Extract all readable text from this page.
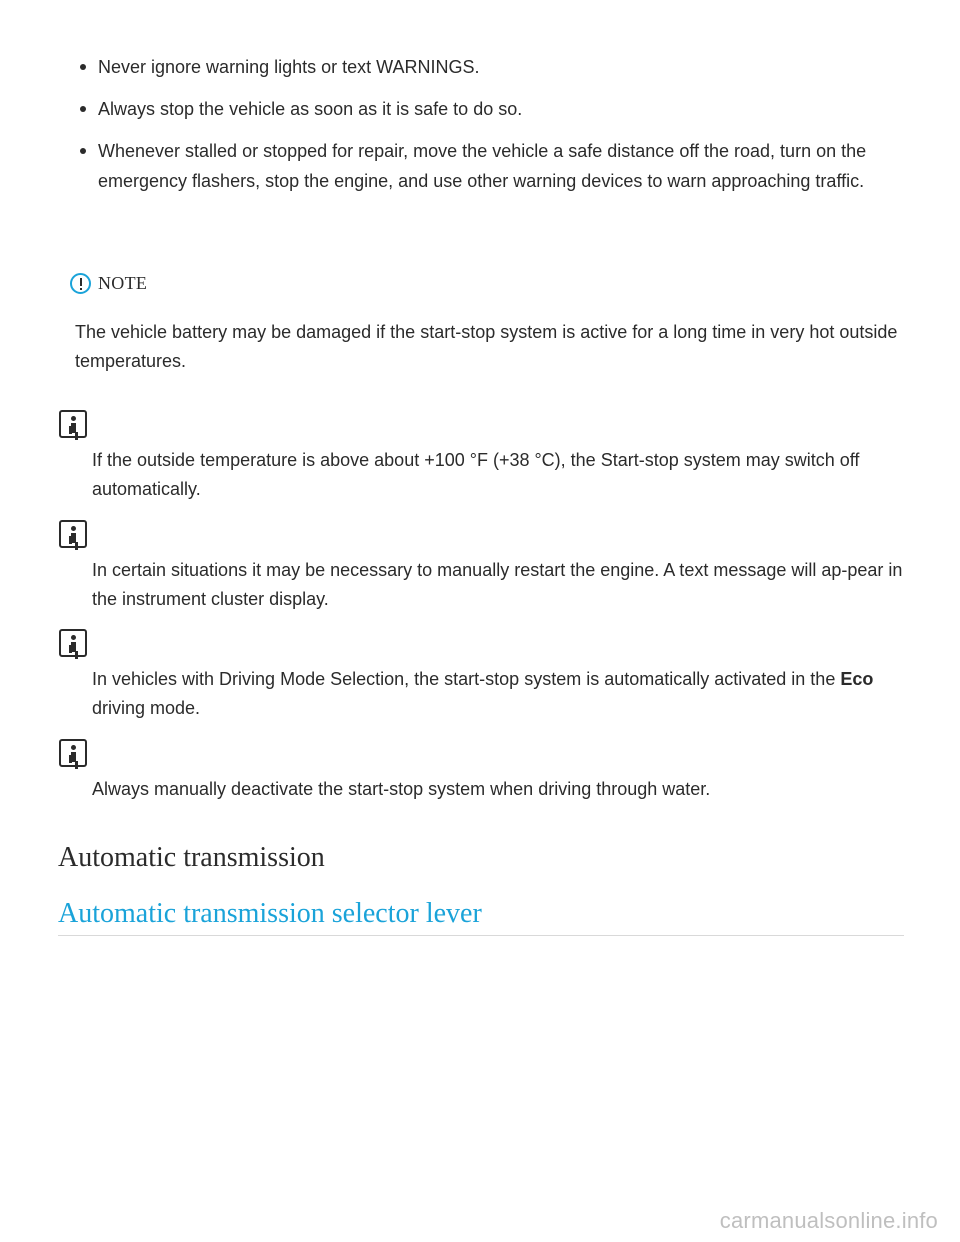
Never ignore warning lights or text WARNINGS.
Always stop the vehicle as soon as it is safe to do so.
Whenever stalled or stopped for repair, move the vehicle a safe distance off the road, turn on the emergency flashers, stop the engine, and use other warning devices to warn approaching traffic.
NOTE

The vehicle battery may be damaged if the start-stop system is active for a long time in very hot outside temperatures.

If the outside temperature is above about +100 °F (+38 °C), the Start-stop system may switch off automatically.

In certain situations it may be necessary to manually restart the engine. A text message will ap-pear in the instrument cluster display.

In vehicles with Driving Mode Selection, the start-stop system is automatically activated in the Eco driving mode.

Always manually deactivate the start-stop system when driving through water.

Automatic transmission
Automatic transmission selector lever
carmanualsonline.info
